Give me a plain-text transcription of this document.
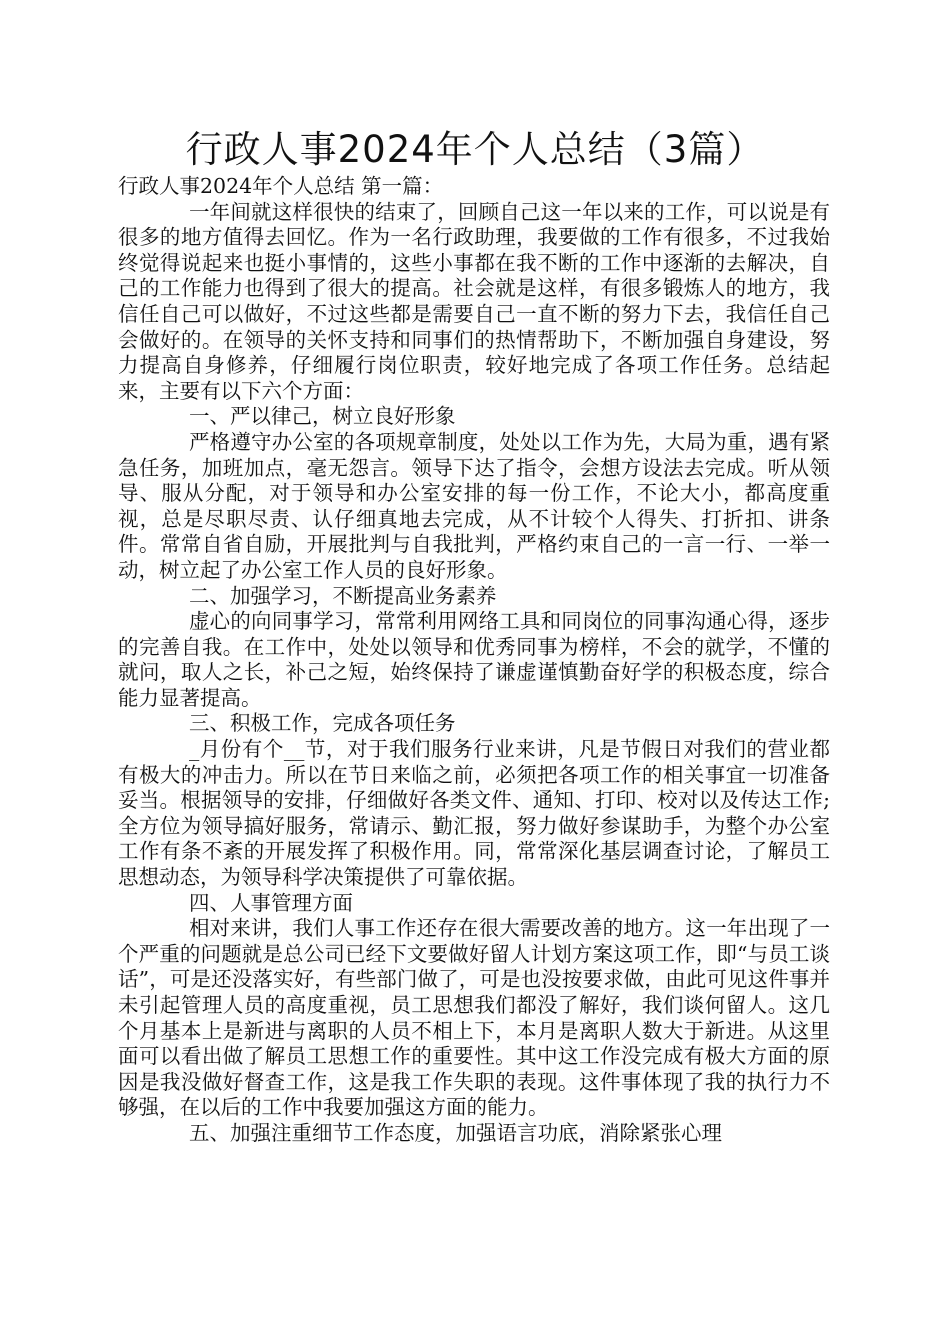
行政人事2024年个人总结（3篇）

行政人事2024年个人总结 第一篇：

一年间就这样很快的结束了，回顾自己这一年以来的工作，可以说是有很多的地方值得去回忆。作为一名行政助理，我要做的工作有很多，不过我始终觉得说起来也挺小事情的，这些小事都在我不断的工作中逐渐的去解决，自己的工作能力也得到了很大的提高。社会就是这样，有很多锻炼人的地方，我信任自己可以做好，不过这些都是需要自己一直不断的努力下去，我信任自己会做好的。在领导的关怀支持和同事们的热情帮助下，不断加强自身建设，努力提高自身修养，仔细履行岗位职责，较好地完成了各项工作任务。总结起来，主要有以下六个方面：

一、严以律己，树立良好形象

严格遵守办公室的各项规章制度，处处以工作为先，大局为重，遇有紧急任务，加班加点，毫无怨言。领导下达了指令，会想方设法去完成。听从领导、服从分配，对于领导和办公室安排的每一份工作，不论大小，都高度重视，总是尽职尽责、认仔细真地去完成，从不计较个人得失、打折扣、讲条件。常常自省自励，开展批判与自我批判，严格约束自己的一言一行、一举一动，树立起了办公室工作人员的良好形象。

二、加强学习，不断提高业务素养

虚心的向同事学习，常常利用网络工具和同岗位的同事沟通心得，逐步的完善自我。在工作中，处处以领导和优秀同事为榜样，不会的就学，不懂的就问，取人之长，补己之短，始终保持了谦虚谨慎勤奋好学的积极态度，综合能力显著提高。

三、积极工作，完成各项任务

_月份有个__节，对于我们服务行业来讲，凡是节假日对我们的营业都有极大的冲击力。所以在节日来临之前，必须把各项工作的相关事宜一切准备妥当。根据领导的安排，仔细做好各类文件、通知、打印、校对以及传达工作;全方位为领导搞好服务，常请示、勤汇报，努力做好参谋助手，为整个办公室工作有条不紊的开展发挥了积极作用。同，常常深化基层调查讨论，了解员工思想动态，为领导科学决策提供了可靠依据。

四、人事管理方面

相对来讲，我们人事工作还存在很大需要改善的地方。这一年出现了一个严重的问题就是总公司已经下文要做好留人计划方案这项工作，即“与员工谈话”，可是还没落实好，有些部门做了，可是也没按要求做，由此可见这件事并未引起管理人员的高度重视，员工思想我们都没了解好，我们谈何留人。这几个月基本上是新进与离职的人员不相上下，本月是离职人数大于新进。从这里面可以看出做了解员工思想工作的重要性。其中这工作没完成有极大方面的原因是我没做好督查工作，这是我工作失职的表现。这件事体现了我的执行力不够强，在以后的工作中我要加强这方面的能力。

五、加强注重细节工作态度，加强语言功底，消除紧张心理
